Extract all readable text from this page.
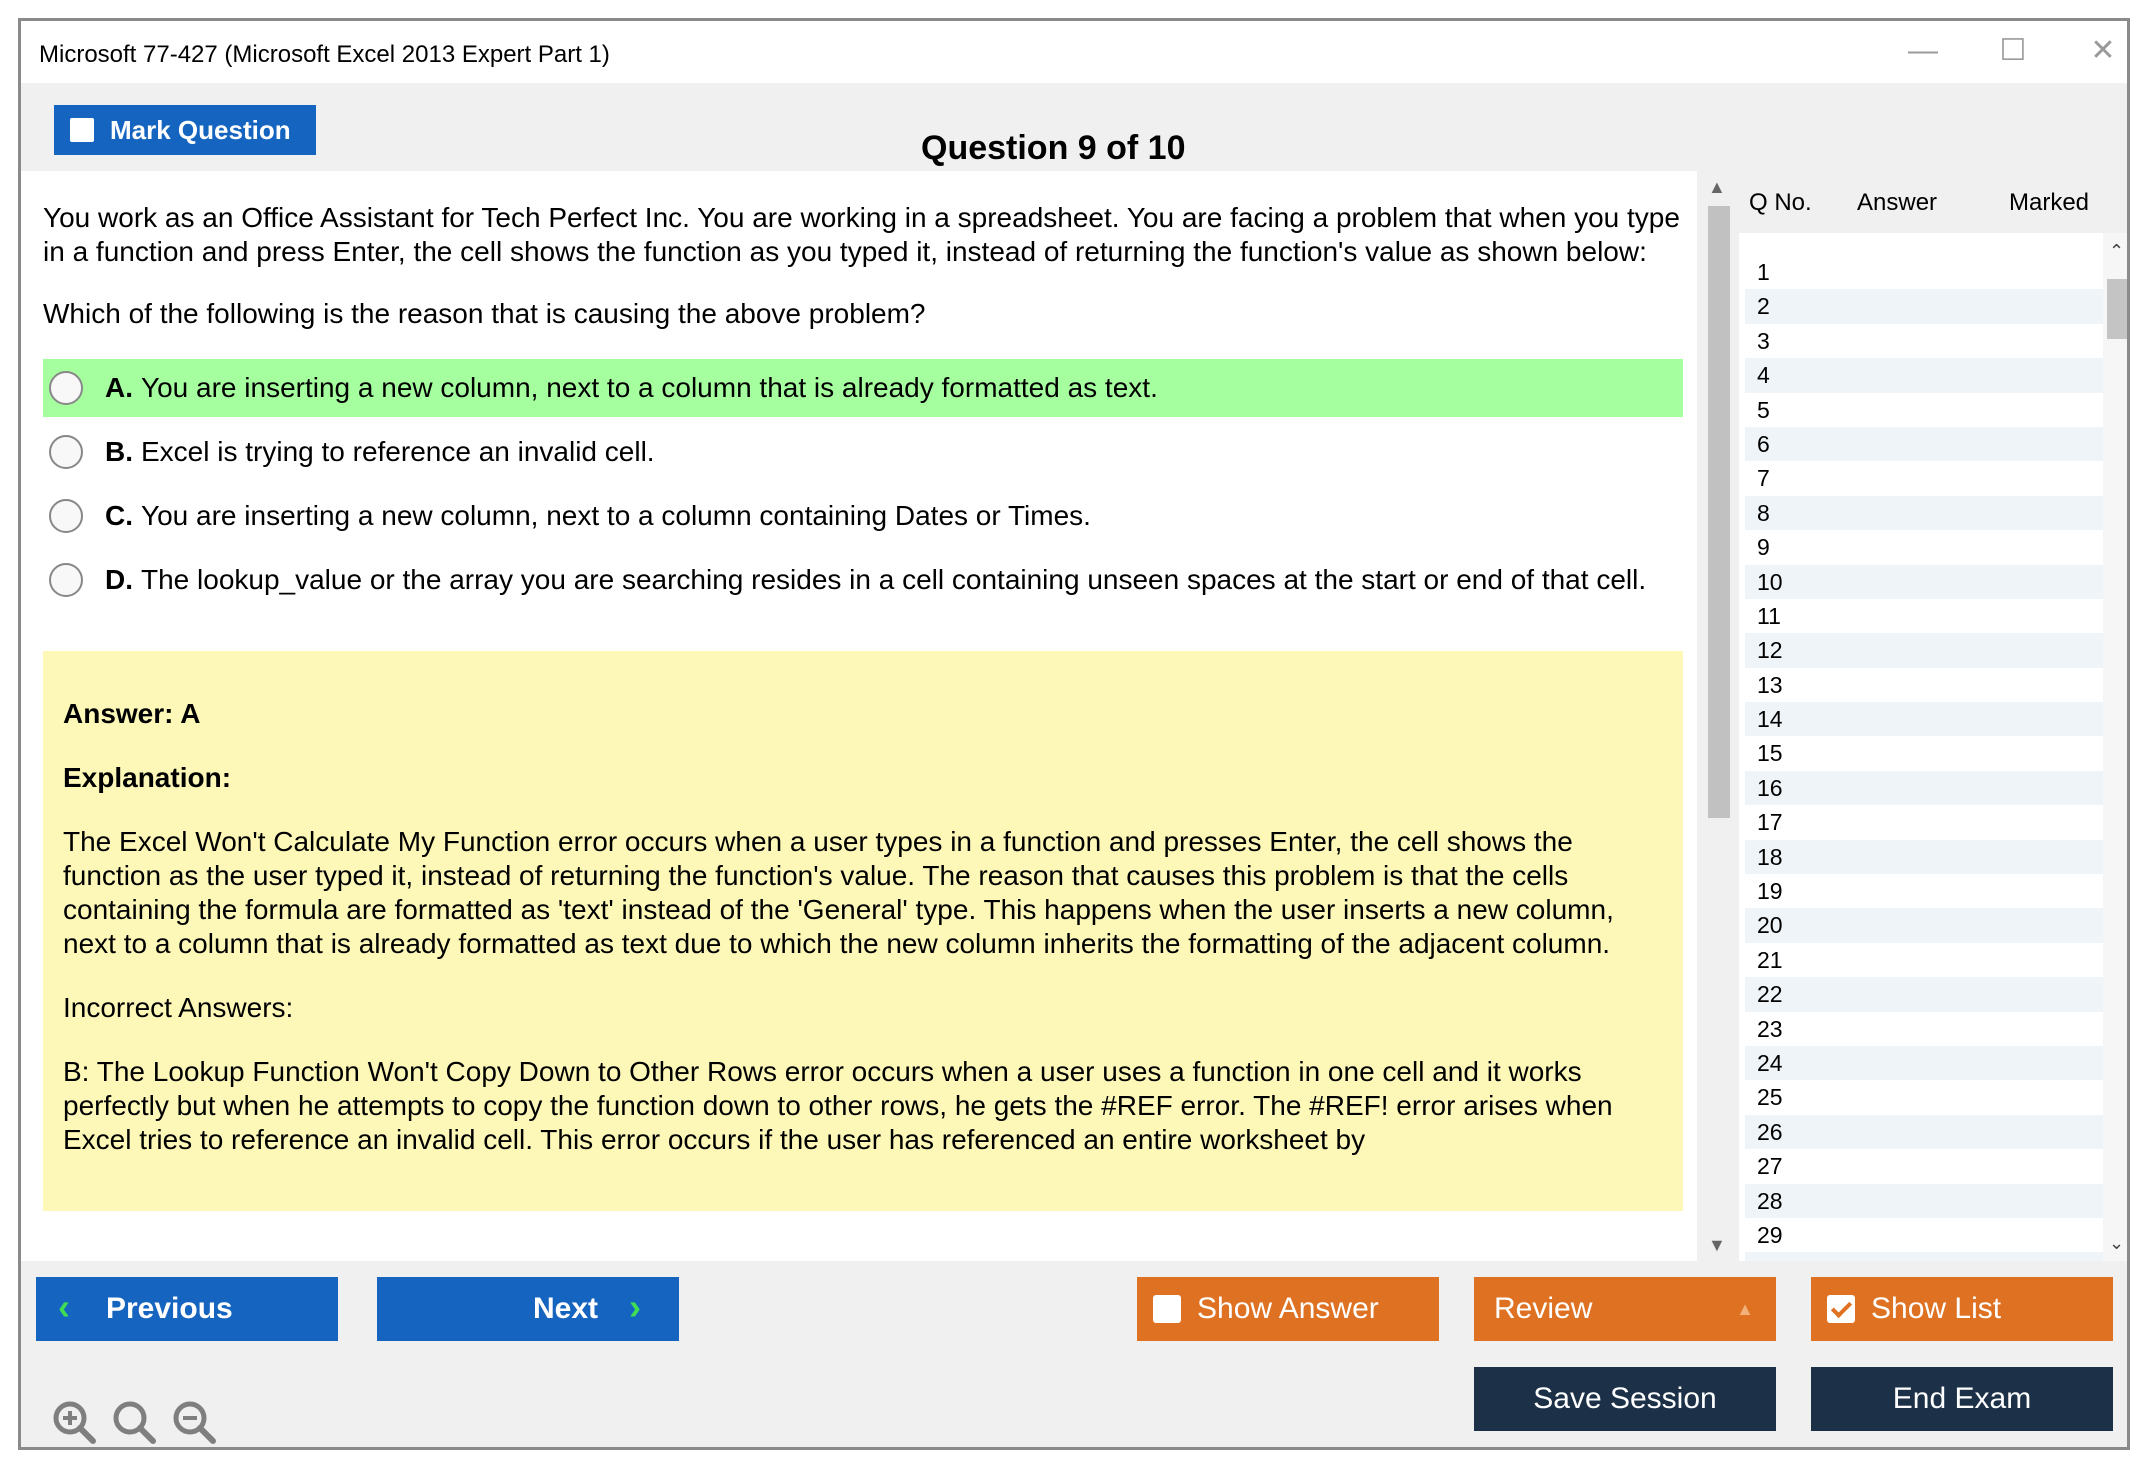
Microsoft 77-427 (Microsoft Excel 2013 Expert Part 1)	—	☐	✕
Mark Question	Question 9 of 10

You work as an Office Assistant for Tech Perfect Inc. You are working in a spreadsheet. You are facing a problem that when you type in a function and press Enter, the cell shows the function as you typed it, instead of returning the function's value as shown below:

Which of the following is the reason that is causing the above problem?

A. You are inserting a new column, next to a column that is already formatted as text.
B. Excel is trying to reference an invalid cell.
C. You are inserting a new column, next to a column containing Dates or Times.
D. The lookup_value or the array you are searching resides in a cell containing unseen spaces at the start or end of that cell.

Answer: A

Explanation:

The Excel Won't Calculate My Function error occurs when a user types in a function and presses Enter, the cell shows the function as the user typed it, instead of returning the function's value. The reason that causes this problem is that the cells containing the formula are formatted as 'text' instead of the 'General' type. This happens when the user inserts a new column, next to a column that is already formatted as text due to which the new column inherits the formatting of the adjacent column.

Incorrect Answers:

B: The Lookup Function Won't Copy Down to Other Rows error occurs when a user uses a function in one cell and it works perfectly but when he attempts to copy the function down to other rows, he gets the #REF error. The #REF! error arises when Excel tries to reference an invalid cell. This error occurs if the user has referenced an entire worksheet by

▲
▼
Q No. Answer	Marked
1
2
3
4
5
6
7
8
9
10
11
12
13
14
15
16
17
18
19
20
21
22
23
24
25
26
27
28
29
⌃
⌄
‹ Previous	Next ›	Show Answer	Review	▲	Show List
Save Session	End Exam
